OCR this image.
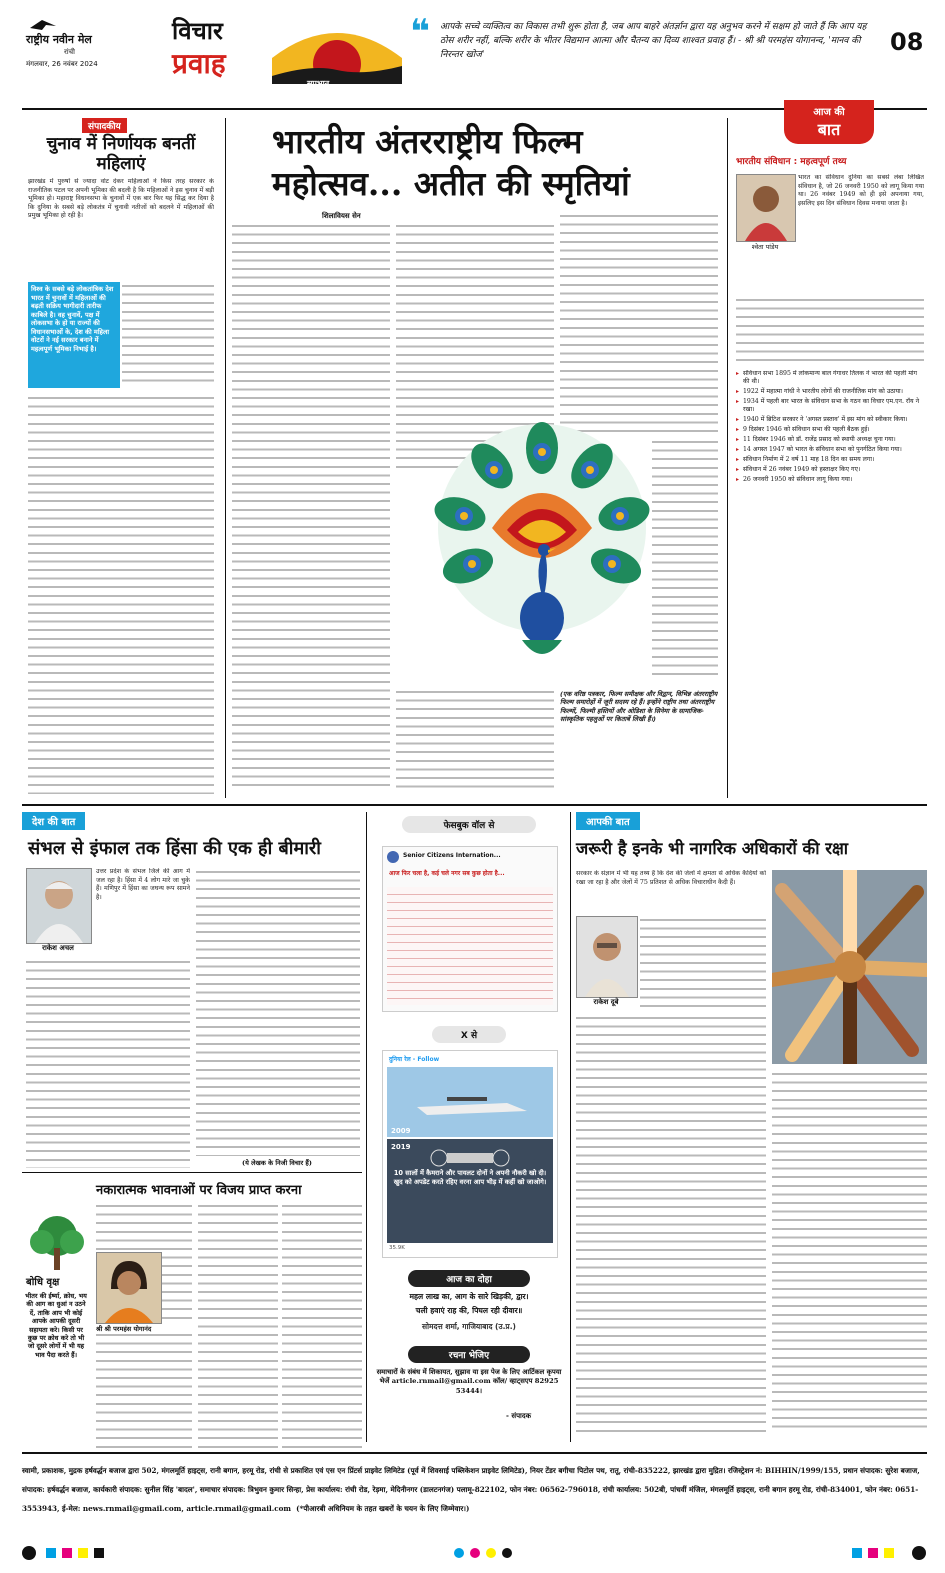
राष्ट्रीय नवीन मेल
रांची
मंगलवार, 26 नवंबर 2024
विचार
प्रवाह
सुप्रभात
❝ आपके सच्चे व्यक्तित्व का विकास तभी शुरू होता है, जब आप बाहरे अंतर्ज्ञान द्वारा यह अनुभव करने में सक्षम हो जाते हैं कि आप यह ठोस शरीर नहीं, बल्कि शरीर के भीतर विद्यमान आत्मा और चैतन्य का दिव्य शाश्वत प्रवाह हैं। - श्री श्री परमहंस योगानन्द, 'मानव की निरन्तर खोज'	08
संपादकीय
चुनाव में निर्णायक बनतीं महिलाएं
झारखंड में पुरुषों से ज्यादा वोट देकर महिलाओं ने किस तरह सरकार के राजनीतिक पटल पर अपनी भूमिका की बदली है कि महिलाओं ने इस चुनाव में बड़ी भूमिका हो। महाराष्ट्र विधानसभा के चुनावों में एक बार फिर यह सिद्ध कर दिया है कि दुनिया के सबसे बड़े लोकतंत्र में चुनावी नतीजों को बदलने में महिलाओं की प्रमुख भूमिका हो रही है।
विश्व के सबसे बड़े लोकतांत्रिक देश भारत में चुनावों में महिलाओं की बढ़ती सक्रिय भागीदारी तारीफ काबिले है। वह चुनावें, पक्ष में लोकसभा के हो या राज्यों की विधानसभाओं के, देश की महिला वोटरों ने नई सरकार बनाने में महत्वपूर्ण भूमिका निभाई है।
भारतीय अंतरराष्ट्रीय फिल्म
महोत्सव... अतीत की स्मृतियां
शिलावियस सेन
(एक वरिष्ठ पत्रकार, फिल्म समीक्षक और विद्वान, विभिन्न अंतरराष्ट्रीय फिल्म समारोहों में जूरी सदस्य रहे हैं। इन्होंने राष्ट्रीय तथा अंतरराष्ट्रीय फिल्मों, फिल्मी हस्तियों और ओडिशा के सिनेमा के सामाजिक-सांस्कृतिक पहलुओं पर किताबें लिखी हैं।)
आज की
बात
भारतीय संविधान : महत्वपूर्ण तथ्य
श्वेता पांडेय
भारत का संविधान दुनिया का सबसे लंबा लिखित संविधान है, जो 26 जनवरी 1950 को लागू किया गया था। 26 नवंबर 1949 को ही इसे अपनाया गया, इसलिए इस दिन संविधान दिवस मनाया जाता है।
▸ संविधान सभा 1895 में लोकमान्य बाल गंगाधर तिलक ने भारत की पहली मांग की थी।
▸ 1922 में महात्मा गांधी ने भारतीय लोगों की राजनीतिक मांग को उठाया।
▸ 1934 में पहली बार भारत के संविधान सभा के गठन का विचार एम.एन. रॉय ने रखा।
▸ 1940 में ब्रिटिश सरकार ने 'अगस्त प्रस्ताव' में इस मांग को स्वीकार किया।
▸ 9 दिसंबर 1946 को संविधान सभा की पहली बैठक हुई।
▸ 11 दिसंबर 1946 को डॉ. राजेंद्र प्रसाद को स्थायी अध्यक्ष चुना गया।
▸ 14 अगस्त 1947 को भारत के संविधान सभा को पुनर्गठित किया गया।
▸ संविधान निर्माण में 2 वर्ष 11 माह 18 दिन का समय लगा।
▸ संविधान में 26 नवंबर 1949 को हस्ताक्षर किए गए।
▸ 26 जनवरी 1950 को संविधान लागू किया गया।
देश की बात
संभल से इंफाल तक हिंसा की एक ही बीमारी
राकेश अचल
उत्तर प्रदेश के संभल जिले की आग में जल रहा है। हिंसा में 4 लोग मारे जा चुके हैं। मणिपुर में हिंसा का जघन्य रूप सामने है।
(ये लेखक के निजी विचार हैं)
बोधि वृक्ष
भीतर की ईर्ष्या, क्रोध, भय की आग का धुआं न उठने दें, ताकि आप भी कोई आपके आपकी दूसरी सहायता करे। किसी पर कुछ पर क्रोध करे तो भी जो दूसरे लोगों में भी यह भाव पैदा करते हैं।
नकारात्मक भावनाओं पर विजय प्राप्त करना
श्री श्री परमहंस योगानंद
फेसबुक वॉल से
Senior Citizens Internation...
आज फिर चला है, कई चले नगर सब कुछ होता है...
X से
दुनिया रेल - Follow
2009
2019
10 सालों में कैमराने और पायलट दोनों ने अपनी नौकरी खो दी। खुद को अपडेट करते रहिए वरना आप भीड़ में कहीं खो जाओगे।
35.9K
आज का दोहा
महल लाख का, आग के सारे खिड़की, द्वार।
चली हवाएं राह की, पिघल रही दीवार॥
सोमदत्त शर्मा, गाजियाबाद (उ.प्र.)
रचना भेजिए
समाचारों के संबंध में शिकायत, सुझाव या इस पेज के लिए आर्टिकल कृपया भेजें article.rnmail@gmail.com कॉल/ व्हाट्सएप 82925 53444।
- संपादक
आपकी बात
जरूरी है इनके भी नागरिक अधिकारों की रक्षा
सरकार के संज्ञान में भी यह तथ्य है कि देश की जेलों में क्षमता से अधिक कैदियों को रखा जा रहा है और जेलों में 75 प्रतिशत से अधिक विचाराधीन कैदी हैं।
राकेश दूबे
स्वामी, प्रकाशक, मुद्रक हर्षवर्द्धन बजाज द्वारा 502, मंगलमूर्ति हाइट्स, रानी बगान, हरमू रोड, रांची से प्रकाशित एवं एस एन प्रिंटर्स प्राइवेट लिमिटेड (पूर्व में शिवसाई पब्लिकेशन प्राइवेट लिमिटेड), नियर टेंडर बगीचा पिटोल पथ, रातू, रांची-835222, झारखंड द्वारा मुद्रित। रजिस्ट्रेशन नं: BIHHIN/1999/155, प्रधान संपादक: सुरेश बजाज, संपादक: हर्षवर्द्धन बजाज, कार्यकारी संपादक: सुनील सिंह 'बादल', समाचार संपादक: त्रिभुवन कुमार सिन्हा, प्रेस कार्यालय: रांची रोड, रेड़मा, मेदिनीनगर (डालटनगंज) पलामू-822102, फोन नंबर: 06562-796018, रांची कार्यालय: 502बी, पांचवीं मंजिल, मंगलमूर्ति हाइट्स, रानी बगान हरमू रोड, रांची-834001, फोन नंबर: 0651-3553943, ई-मेल: news.rnmail@gmail.com, article.rnmail@gmail.com (*पीआरबी अधिनियम के तहत खबरों के चयन के लिए जिम्मेवार।)
